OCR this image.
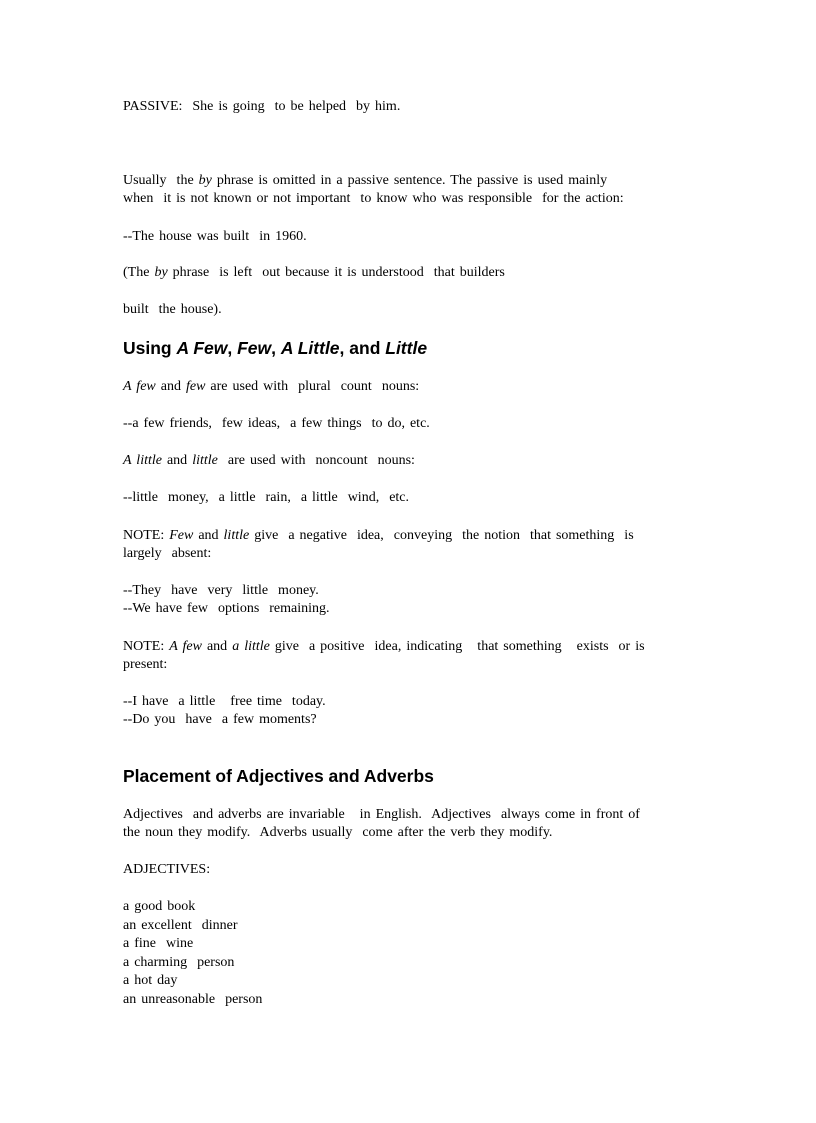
PASSIVE:  She is going  to be helped  by him.
Usually  the by phrase is omitted in a passive sentence. The passive is used mainly
when  it is not known or not important  to know who was responsible  for the action:
--The house was built  in 1960.
(The by phrase  is left  out because it is understood  that builders
built  the house).
Using A Few, Few, A Little, and Little
A few and few are used with  plural  count  nouns:
--a few friends,  few ideas,  a few things  to do, etc.
A little and little  are used with  noncount  nouns:
--little  money,  a little  rain,  a little  wind,  etc.
NOTE: Few and little give  a negative  idea,  conveying  the notion  that something  is
largely  absent:
--They  have  very  little  money.
--We have few  options  remaining.
NOTE: A few and a little give  a positive  idea, indicating   that something   exists  or is
present:
--I have  a little   free time  today.
--Do you  have  a few moments?
Placement of Adjectives and Adverbs
Adjectives  and adverbs are invariable   in English.  Adjectives  always come in front of
the noun they modify.  Adverbs usually  come after the verb they modify.
ADJECTIVES:
a good book
an excellent  dinner
a fine  wine
a charming  person
a hot day
an unreasonable  person
